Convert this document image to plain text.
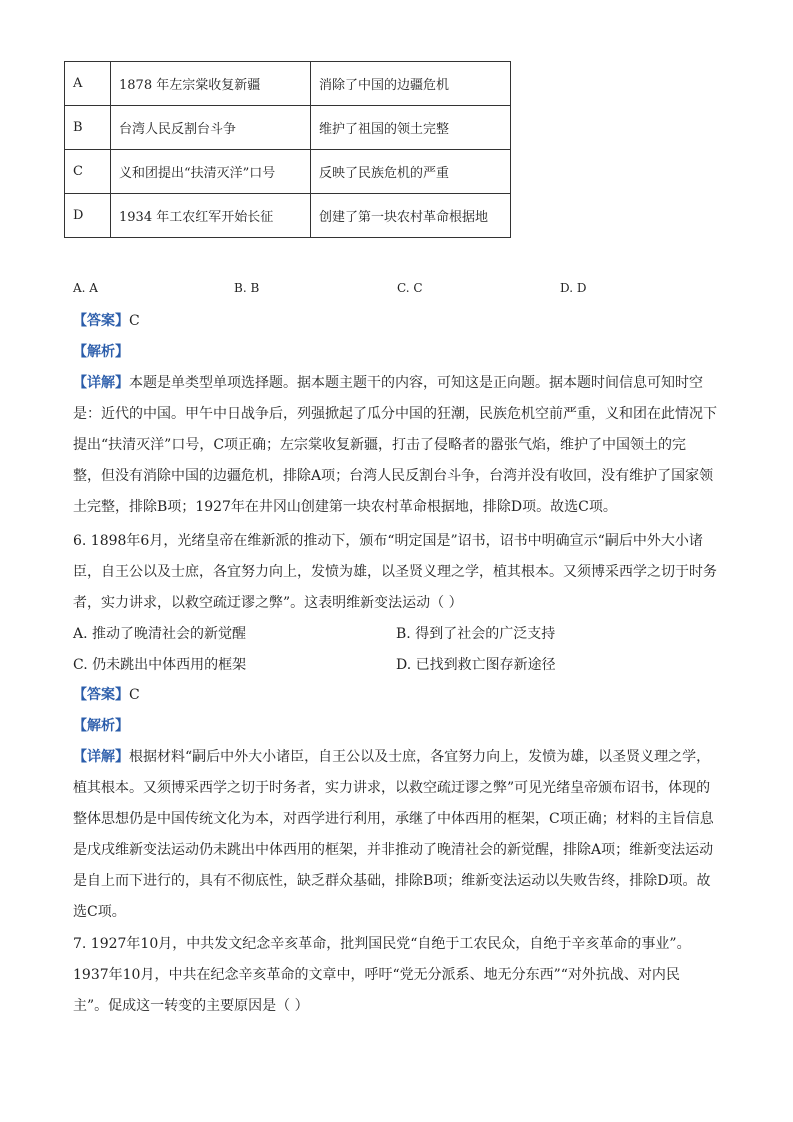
A	1878 年左宗棠收复新疆	消除了中国的边疆危机
B	台湾人民反割台斗争	维护了祖国的领土完整
C	义和团提出“扶清灭洋”口号	反映了民族危机的严重
D	1934 年工农红军开始长征	创建了第一块农村革命根据地
A. A	B. B	C. C	D. D
【答案】C
【解析】
【详解】本题是单类型单项选择题。据本题主题干的内容，可知这是正向题。据本题时间信息可知时空
是：近代的中国。甲午中日战争后，列强掀起了瓜分中国的狂潮，民族危机空前严重，义和团在此情况下
提出“扶清灭洋”口号，C项正确；左宗棠收复新疆，打击了侵略者的嚣张气焰，维护了中国领土的完
整，但没有消除中国的边疆危机，排除A项；台湾人民反割台斗争，台湾并没有收回，没有维护了国家领
土完整，排除B项；1927年在井冈山创建第一块农村革命根据地，排除D项。故选C项。
6. 1898年6月，光绪皇帝在维新派的推动下，颁布“明定国是”诏书，诏书中明确宣示“嗣后中外大小诸
臣，自王公以及士庶，各宜努力向上，发愤为雄，以圣贤义理之学，植其根本。又须博采西学之切于时务
者，实力讲求，以救空疏迂谬之弊”。这表明维新变法运动（ ）
A. 推动了晚清社会的新觉醒	B. 得到了社会的广泛支持
C. 仍未跳出中体西用的框架	D. 已找到救亡图存新途径
【答案】C
【解析】
【详解】根据材料“嗣后中外大小诸臣，自王公以及士庶，各宜努力向上，发愤为雄，以圣贤义理之学，
植其根本。又须博采西学之切于时务者，实力讲求，以救空疏迂谬之弊”可见光绪皇帝颁布诏书，体现的
整体思想仍是中国传统文化为本，对西学进行利用，承继了中体西用的框架，C项正确；材料的主旨信息
是戊戌维新变法运动仍未跳出中体西用的框架，并非推动了晚清社会的新觉醒，排除A项；维新变法运动
是自上而下进行的，具有不彻底性，缺乏群众基础，排除B项；维新变法运动以失败告终，排除D项。故
选C项。
7. 1927年10月，中共发文纪念辛亥革命，批判国民党“自绝于工农民众，自绝于辛亥革命的事业”。
1937年10月，中共在纪念辛亥革命的文章中，呼吁“党无分派系、地无分东西”“对外抗战、对内民
主”。促成这一转变的主要原因是（ ）
